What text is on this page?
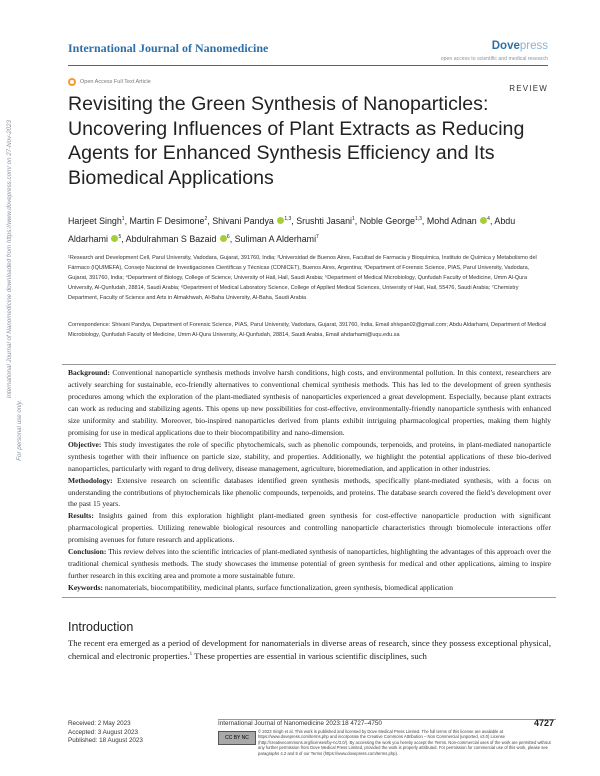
International Journal of Nanomedicine downloaded from https://www.dovepress.com/ on 27-Nov-2023
For personal use only.
International Journal of Nanomedicine	Dovepress
open access to scientific and medical research
Open Access Full Text Article
REVIEW
Revisiting the Green Synthesis of Nanoparticles: Uncovering Influences of Plant Extracts as Reducing Agents for Enhanced Synthesis Efficiency and Its Biomedical Applications
Harjeet Singh$^1$, Martin F Desimone$^2$, Shivani Pandya $^{1,3}$, Srushti Jasani$^1$, Noble George$^{1,3}$, Mohd Adnan $^4$, Abdu Aldarhami $^5$, Abdulrahman S Bazaid $^6$, Suliman A Alderhami$^7$
¹Research and Development Cell, Parul University, Vadodara, Gujarat, 391760, India; ²Universidad de Buenos Aires, Facultad de Farmacia y Bioquímica, Instituto de Química y Metabolismo del Fármaco (IQUIMEFA), Consejo Nacional de Investigaciones Científicas y Técnicas (CONICET), Buenos Aires, Argentina; ³Department of Forensic Science, PIAS, Parul University, Vadodara, Gujarat, 391760, India; ⁴Department of Biology, College of Science, University of Hail, Hail, Saudi Arabia; ⁵Department of Medical Microbiology, Qunfudah Faculty of Medicine, Umm Al-Qura University, Al-Qunfudah, 28814, Saudi Arabia; ⁶Department of Medical Laboratory Science, College of Applied Medical Sciences, University of Hail, Hail, 55476, Saudi Arabia; ⁷Chemistry Department, Faculty of Science and Arts in Almakhwah, Al-Baha University, Al-Baha, Saudi Arabia
Correspondence: Shivani Pandya, Department of Forensic Science, PIAS, Parul University, Vadodara, Gujarat, 391760, India, Email shivpan02@gmail.com; Abdu Aldarhami, Department of Medical Microbiology, Qunfudah Faculty of Medicine, Umm Al-Qura University, Al-Qunfudah, 28814, Saudi Arabia, Email ahdarhami@uqu.edu.sa

Background: Conventional nanoparticle synthesis methods involve harsh conditions, high costs, and environmental pollution. In this context, researchers are actively searching for sustainable, eco-friendly alternatives to conventional chemical synthesis methods. This has led to the development of green synthesis procedures among which the exploration of the plant-mediated synthesis of nanoparticles experienced a great development. Especially, because plant extracts can work as reducing and stabilizing agents. This opens up new possibilities for cost-effective, environmentally-friendly nanoparticle synthesis with enhanced size uniformity and stability. Moreover, bio-inspired nanoparticles derived from plants exhibit intriguing pharmacological properties, making them highly promising for use in medical applications due to their biocompatibility and nano-dimension.

Objective: This study investigates the role of specific phytochemicals, such as phenolic compounds, terpenoids, and proteins, in plant-mediated nanoparticle synthesis together with their influence on particle size, stability, and properties. Additionally, we highlight the potential applications of these bio-derived nanoparticles, particularly with regard to drug delivery, disease management, agriculture, bioremediation, and application in other industries.

Methodology: Extensive research on scientific databases identified green synthesis methods, specifically plant-mediated synthesis, with a focus on understanding the contributions of phytochemicals like phenolic compounds, terpenoids, and proteins. The database search covered the field’s development over the past 15 years.

Results: Insights gained from this exploration highlight plant-mediated green synthesis for cost-effective nanoparticle production with significant pharmacological properties. Utilizing renewable biological resources and controlling nanoparticle characteristics through biomolecule interactions offer promising avenues for future research and applications.

Conclusion: This review delves into the scientific intricacies of plant-mediated synthesis of nanoparticles, highlighting the advantages of this approach over the traditional chemical synthesis methods. The study showcases the immense potential of green synthesis for medical and other applications, aiming to inspire further research in this exciting area and promote a more sustainable future.

Keywords: nanomaterials, biocompatibility, medicinal plants, surface functionalization, green synthesis, biomedical application

Introduction
The recent era emerged as a period of development for nanomaterials in diverse areas of research, since they possess exceptional physical, chemical and electronic properties.$^1$ These properties are essential in various scientific disciplines, such
Received: 2 May 2023
Accepted: 3 August 2023
Published: 18 August 2023
International Journal of Nanomedicine 2023:18 4727–4750	4727
CC BY NC
© 2023 Singh et al. This work is published and licensed by Dove Medical Press Limited. The full terms of this license are available at https://www.dovepress.com/terms.php and incorporate the Creative Commons Attribution – Non Commercial (unported, v3.0) License (http://creativecommons.org/licenses/by-nc/3.0/). By accessing the work you hereby accept the Terms. Non-commercial uses of the work are permitted without any further permission from Dove Medical Press Limited, provided the work is properly attributed. For permission for commercial use of this work, please see paragraphs 4.2 and 5 of our Terms (https://www.dovepress.com/terms.php).
